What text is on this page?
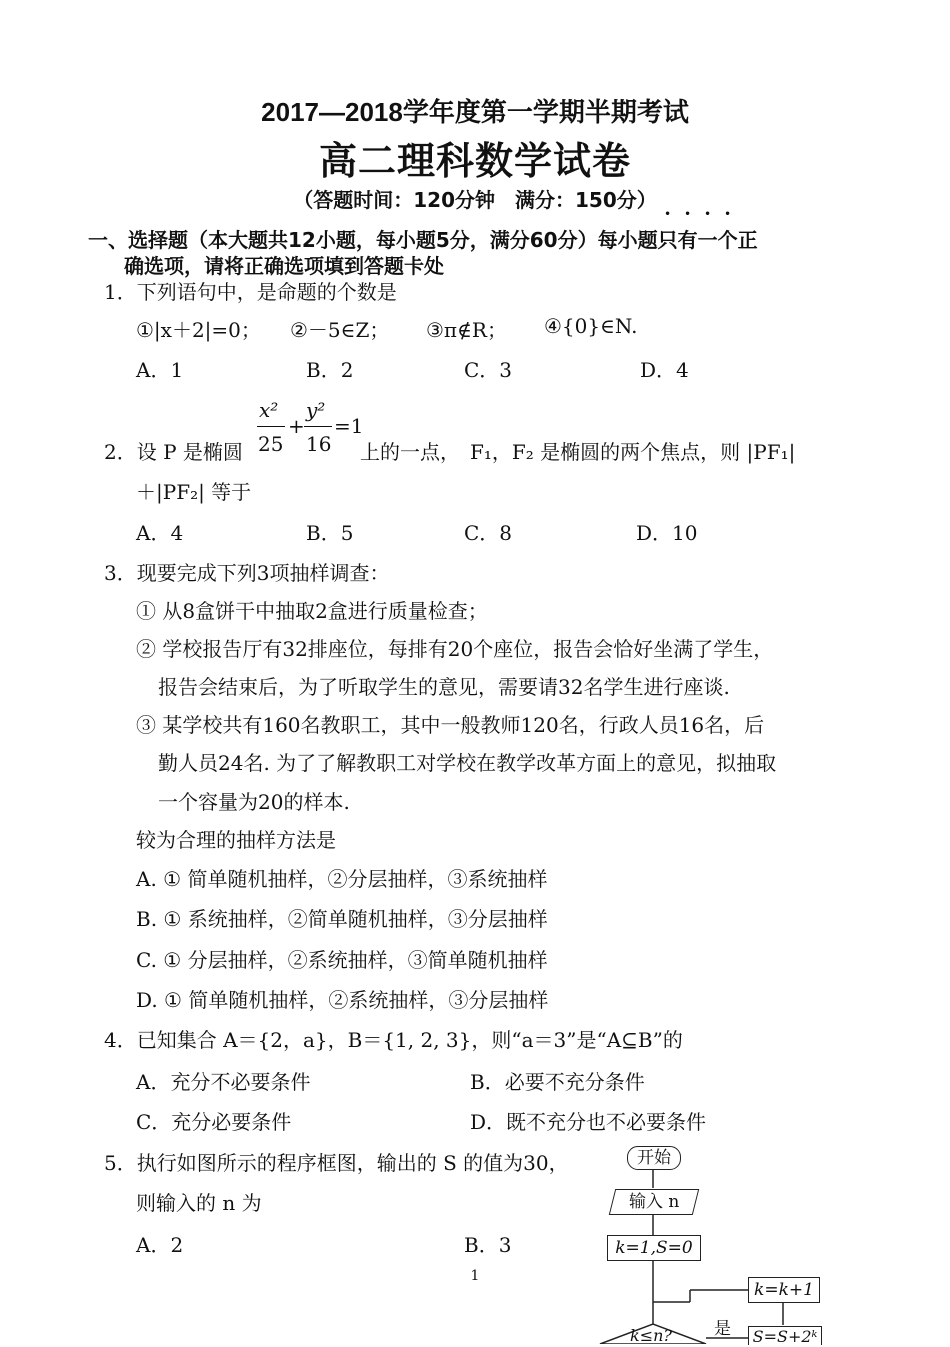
2017—2018学年度第一学期半期考试
高二理科数学试卷
（答题时间：120分钟　满分：150分）
一、选择题（本大题共12小题，每小题5分，满分60分）每小题只有一个正
确选项，请将正确选项填到答题卡处
1．下列语句中，是命题的个数是
①|x＋2|=0； ②－5∈Z； ③π∉R； ④{0}∈N.
A．1	B．2	C．3	D．4
2．设 P 是椭圆
x²
25
+
y²
16
=1
上的一点，　F₁，F₂ 是椭圆的两个焦点，则 |PF₁|
＋|PF₂| 等于
A．4	B．5	C．8	D．10
3．现要完成下列3项抽样调查：
① 从8盒饼干中抽取2盒进行质量检查；
② 学校报告厅有32排座位，每排有20个座位，报告会恰好坐满了学生，
报告会结束后，为了听取学生的意见，需要请32名学生进行座谈.
③ 某学校共有160名教职工，其中一般教师120名，行政人员16名，后
勤人员24名. 为了了解教职工对学校在教学改革方面上的意见，拟抽取
一个容量为20的样本.
较为合理的抽样方法是
A. ① 简单随机抽样，②分层抽样，③系统抽样
B. ① 系统抽样，②简单随机抽样，③分层抽样
C. ① 分层抽样，②系统抽样，③简单随机抽样
D. ① 简单随机抽样，②系统抽样，③分层抽样
4．已知集合 A＝{2，a}，B＝{1, 2, 3}，则“a＝3”是“A⊆B”的
A．充分不必要条件	B．必要不充分条件
C．充分必要条件	D．既不充分也不必要条件
5．执行如图所示的程序框图，输出的 S 的值为30，
则输入的 n 为
A．2	B．3
开始
输入 n
k=1,S=0
k=k+1
k≤n? 是 S=S+2ᵏ
1
